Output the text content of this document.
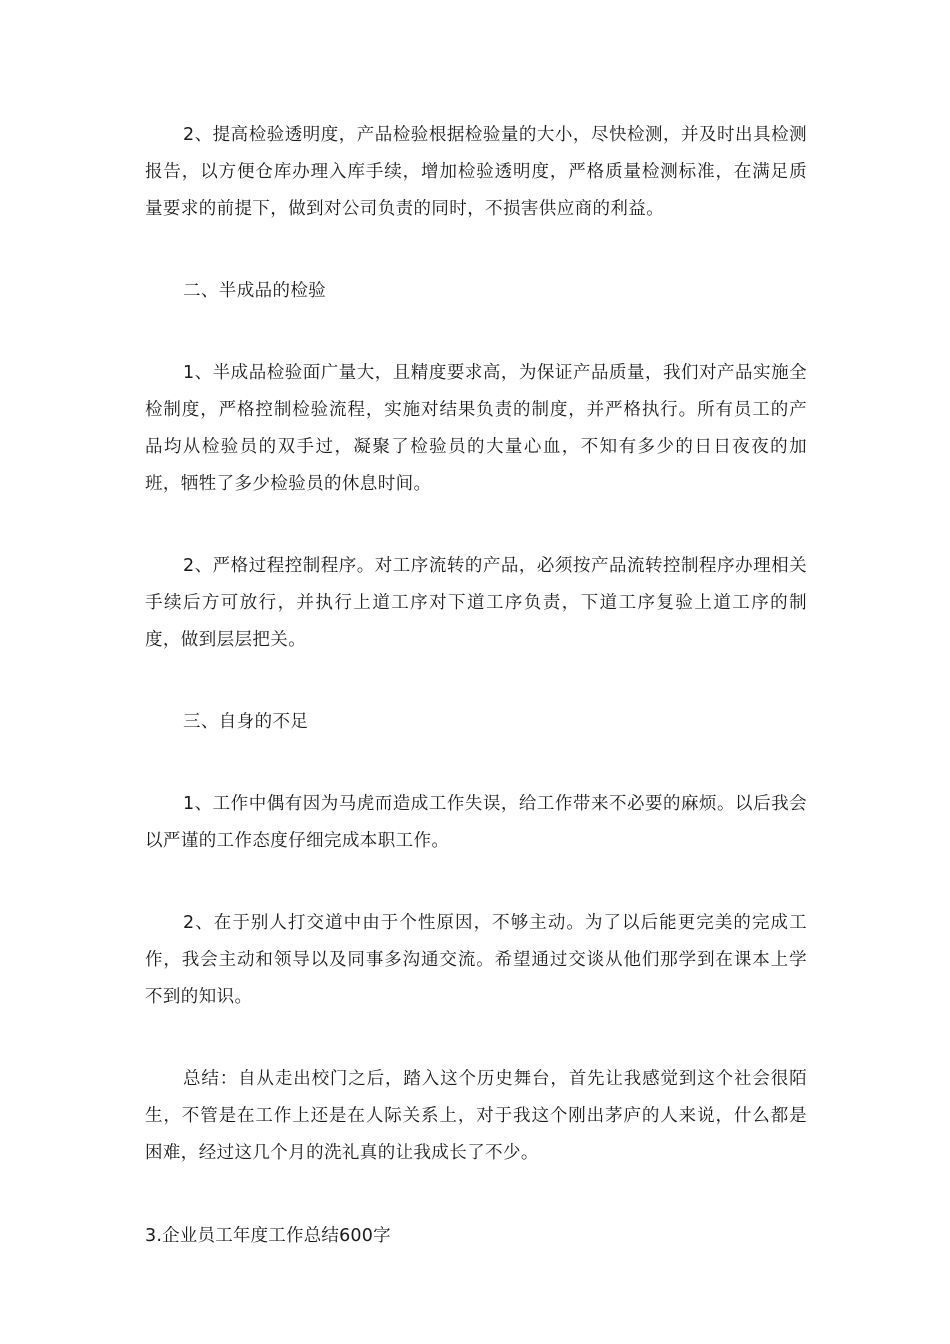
2、提高检验透明度，产品检验根据检验量的大小，尽快检测，并及时出具检测报告，以方便仓库办理入库手续，增加检验透明度，严格质量检测标准，在满足质量要求的前提下，做到对公司负责的同时，不损害供应商的利益。

二、半成品的检验

1、半成品检验面广量大，且精度要求高，为保证产品质量，我们对产品实施全检制度，严格控制检验流程，实施对结果负责的制度，并严格执行。所有员工的产品均从检验员的双手过，凝聚了检验员的大量心血，不知有多少的日日夜夜的加班，牺牲了多少检验员的休息时间。

2、严格过程控制程序。对工序流转的产品，必须按产品流转控制程序办理相关手续后方可放行，并执行上道工序对下道工序负责，下道工序复验上道工序的制度，做到层层把关。

三、自身的不足

1、工作中偶有因为马虎而造成工作失误，给工作带来不必要的麻烦。以后我会以严谨的工作态度仔细完成本职工作。

2、在于别人打交道中由于个性原因，不够主动。为了以后能更完美的完成工作，我会主动和领导以及同事多沟通交流。希望通过交谈从他们那学到在课本上学不到的知识。

总结：自从走出校门之后，踏入这个历史舞台，首先让我感觉到这个社会很陌生，不管是在工作上还是在人际关系上，对于我这个刚出茅庐的人来说，什么都是困难，经过这几个月的洗礼真的让我成长了不少。

3.企业员工年度工作总结600字
